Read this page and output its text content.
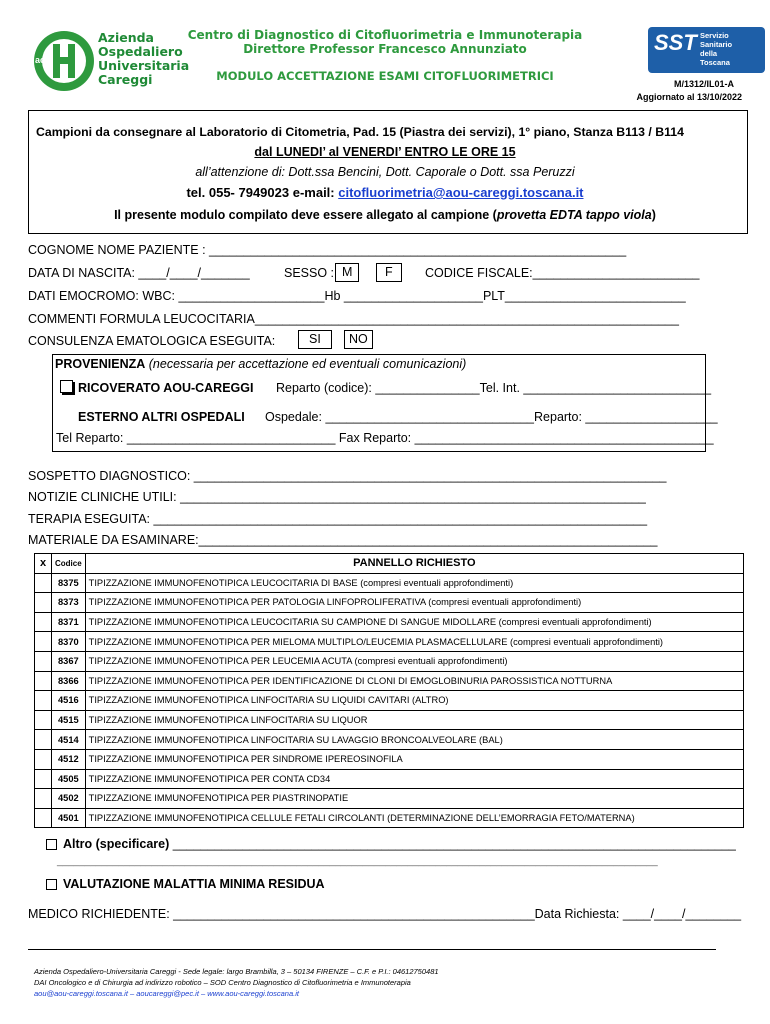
aou
Azienda
Ospedaliero
Universitaria
Careggi
Centro di Diagnostico di Citofluorimetria e Immunoterapia
Direttore Professor Francesco Annunziato
MODULO ACCETTAZIONE ESAMI CITOFLUORIMETRICI
SST Servizio
Sanitario
della
Toscana
M/1312/IL01-A
Aggiornato al 13/10/2022
Campioni da consegnare al Laboratorio di Citometria, Pad. 15 (Piastra dei servizi), 1° piano, Stanza B113 / B114
dal LUNEDI’ al VENERDI’ ENTRO LE ORE 15
all’attenzione di: Dott.ssa Bencini, Dott. Caporale o Dott. ssa Peruzzi
tel. 055- 7949023 e-mail: citofluorimetria@aou-careggi.toscana.it
Il presente modulo compilato deve essere allegato al campione (provetta EDTA tappo viola)
COGNOME NOME PAZIENTE : ____________________________________________________________
DATA DI NASCITA: ____/____/_______	SESSO : M	F	CODICE FISCALE:________________________
DATI EMOCROMO: WBC: _____________________Hb ____________________PLT__________________________
COMMENTI FORMULA LEUCOCITARIA_____________________________________________________________
CONSULENZA EMATOLOGICA ESEGUITA:	SI	NO
PROVENIENZA (necessaria per accettazione ed eventuali comunicazioni)
RICOVERATO AOU-CAREGGI Reparto (codice): _______________Tel. Int. ___________________________
ESTERNO ALTRI OSPEDALI Ospedale: ______________________________Reparto: ___________________
Tel Reparto: ______________________________ Fax Reparto: ___________________________________________
SOSPETTO DIAGNOSTICO: ____________________________________________________________________
NOTIZIE CLINICHE UTILI: ___________________________________________________________________
TERAPIA ESEGUITA: _______________________________________________________________________
MATERIALE DA ESAMINARE:__________________________________________________________________
x	Codice	PANNELLO RICHIESTO
	8375	TIPIZZAZIONE IMMUNOFENOTIPICA LEUCOCITARIA DI BASE (compresi eventuali approfondimenti)
	8373	TIPIZZAZIONE IMMUNOFENOTIPICA PER PATOLOGIA LINFOPROLIFERATIVA (compresi eventuali approfondimenti)
	8371	TIPIZZAZIONE IMMUNOFENOTIPICA LEUCOCITARIA SU CAMPIONE DI SANGUE MIDOLLARE (compresi eventuali approfondimenti)
	8370	TIPIZZAZIONE IMMUNOFENOTIPICA PER MIELOMA MULTIPLO/LEUCEMIA PLASMACELLULARE (compresi eventuali approfondimenti)
	8367	TIPIZZAZIONE IMMUNOFENOTIPICA PER LEUCEMIA ACUTA (compresi eventuali approfondimenti)
	8366	TIPIZZAZIONE IMMUNOFENOTIPICA PER IDENTIFICAZIONE DI CLONI DI EMOGLOBINURIA PAROSSISTICA NOTTURNA
	4516	TIPIZZAZIONE IMMUNOFENOTIPICA LINFOCITARIA SU LIQUIDI CAVITARI (ALTRO)
	4515	TIPIZZAZIONE IMMUNOFENOTIPICA LINFOCITARIA SU LIQUOR
	4514	TIPIZZAZIONE IMMUNOFENOTIPICA LINFOCITARIA SU LAVAGGIO BRONCOALVEOLARE (BAL)
	4512	TIPIZZAZIONE IMMUNOFENOTIPICA PER SINDROME IPEREOSINOFILA
	4505	TIPIZZAZIONE IMMUNOFENOTIPICA PER CONTA CD34
	4502	TIPIZZAZIONE IMMUNOFENOTIPICA PER PIASTRINOPATIE
	4501	TIPIZZAZIONE IMMUNOFENOTIPICA CELLULE FETALI CIRCOLANTI (DETERMINAZIONE DELL’EMORRAGIA FETO/MATERNA)
Altro (specificare) _________________________________________________________________________________
____________________________________________________________________________________________________________
VALUTAZIONE MALATTIA MINIMA RESIDUA
MEDICO RICHIEDENTE: ____________________________________________________Data Richiesta: ____/____/________
Azienda Ospedaliero-Universitaria Careggi - Sede legale: largo Brambilla, 3 – 50134 FIRENZE – C.F. e P.I.: 04612750481
DAI Oncologico e di Chirurgia ad indirizzo robotico – SOD Centro Diagnostico di Citofluorimetria e Immunoterapia
aou@aou-careggi.toscana.it – aoucareggi@pec.it – www.aou-careggi.toscana.it
